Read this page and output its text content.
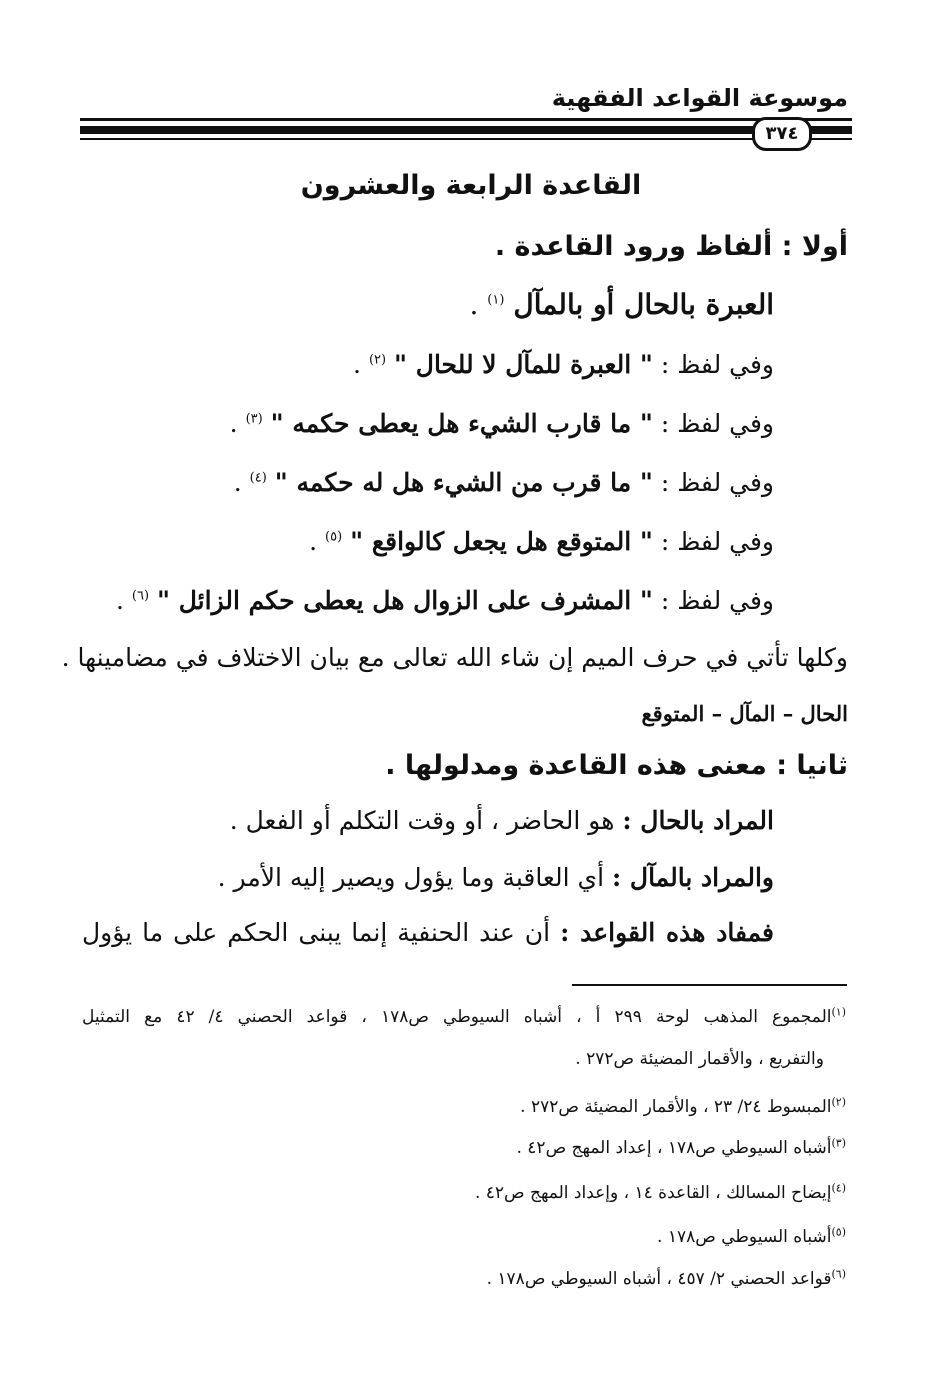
موسوعة القواعد الفقهية
٣٧٤
القاعدة الرابعة والعشرون
أولا : ألفاظ ورود القاعدة .
العبرة بالحال أو بالمآل $^{(١)}$ .
وفي لفظ : " العبرة للمآل لا للحال " $^{(٢)}$ .
وفي لفظ : " ما قارب الشيء هل يعطى حكمه " $^{(٣)}$ .
وفي لفظ : " ما قرب من الشيء هل له حكمه " $^{(٤)}$ .
وفي لفظ : " المتوقع هل يجعل كالواقع " $^{(٥)}$ .
وفي لفظ : " المشرف على الزوال هل يعطى حكم الزائل " $^{(٦)}$ .
وكلها تأتي في حرف الميم إن شاء الله تعالى مع بيان الاختلاف في مضامينها .
الحال – المآل – المتوقع
ثانيا : معنى هذه القاعدة ومدلولها .
المراد بالحال : هو الحاضر ، أو وقت التكلم أو الفعل .
والمراد بالمآل : أي العاقبة وما يؤول ويصير إليه الأمر .
فمفاد هذه القواعد : أن عند الحنفية إنما يبنى الحكم على ما يؤول
$^{(١)}$المجموع المذهب لوحة ٢٩٩ أ ، أشباه السيوطي ص١٧٨ ، قواعد الحصني ٤/ ٤٢ مع التمثيل
والتفريع ، والأقمار المضيئة ص٢٧٢ .
$^{(٢)}$المبسوط ٢٤/ ٢٣ ، والأقمار المضيئة ص٢٧٢ .
$^{(٣)}$أشباه السيوطي ص١٧٨ ، إعداد المهج ص٤٢ .
$^{(٤)}$إيضاح المسالك ، القاعدة ١٤ ، وإعداد المهج ص٤٢ .
$^{(٥)}$أشباه السيوطي ص١٧٨ .
$^{(٦)}$قواعد الحصني ٢/ ٤٥٧ ، أشباه السيوطي ص١٧٨ .
